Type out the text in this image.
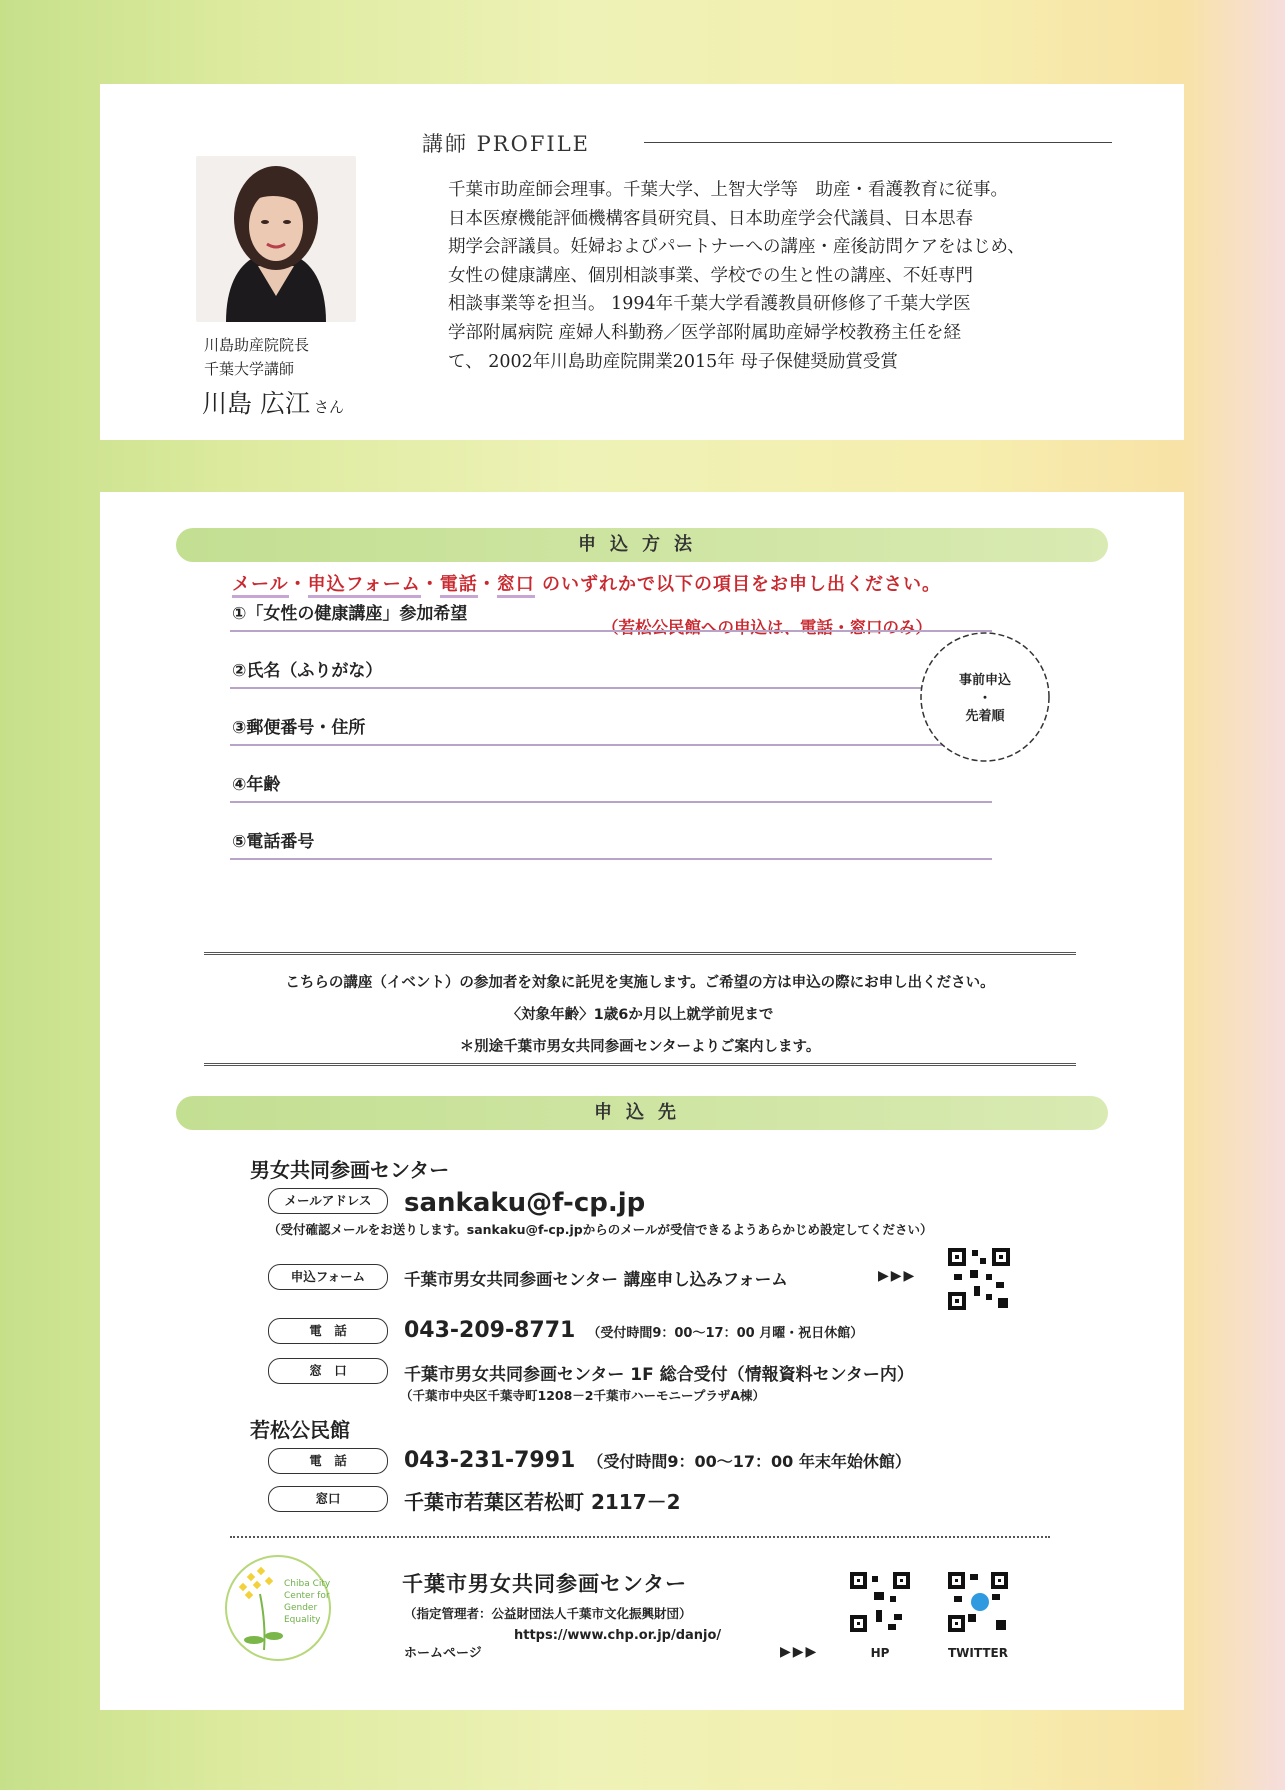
講師 PROFILE
千葉市助産師会理事。千葉大学、上智大学等　助産・看護教育に従事。
日本医療機能評価機構客員研究員、日本助産学会代議員、日本思春
期学会評議員。妊婦およびパートナーへの講座・産後訪問ケアをはじめ、
女性の健康講座、個別相談事業、学校での生と性の講座、不妊専門
相談事業等を担当。 1994年千葉大学看護教員研修修了千葉大学医
学部附属病院 産婦人科勤務／医学部附属助産婦学校教務主任を経
て、 2002年川島助産院開業2015年 母子保健奨励賞受賞
川島助産院院長
千葉大学講師
川島 広江 さん
申込方法
メール・申込フォーム・電話・窓口 のいずれかで以下の項目をお申し出ください。
（若松公民館への申込は、電話・窓口のみ）
①「女性の健康講座」参加希望
②氏名（ふりがな）
③郵便番号・住所
④年齢
⑤電話番号
事前申込
・
先着順
こちらの講座（イベント）の参加者を対象に託児を実施します。ご希望の方は申込の際にお申し出ください。
〈対象年齢〉1歳6か月以上就学前児まで
＊別途千葉市男女共同参画センターよりご案内します。
申込先
男女共同参画センター
メールアドレス	sankaku@f-cp.jp
（受付確認メールをお送りします。sankaku@f-cp.jpからのメールが受信できるようあらかじめ設定してください）
申込フォーム	千葉市男女共同参画センター 講座申し込みフォーム	▶▶▶
電　話	043-209-8771 （受付時間9：00～17：00 月曜・祝日休館）
窓　口	千葉市男女共同参画センター 1F 総合受付（情報資料センター内）
（千葉市中央区千葉寺町1208－2千葉市ハーモニープラザA棟）
若松公民館
電　話	043-231-7991 （受付時間9：00～17：00 年末年始休館）
窓口	千葉市若葉区若松町 2117－2
Chiba City
Center for
Gender
Equality
千葉市男女共同参画センター
（指定管理者：公益財団法人千葉市文化振興財団）
https://www.chp.or.jp/danjo/
ホームページ	▶▶▶	HP	TWITTER
